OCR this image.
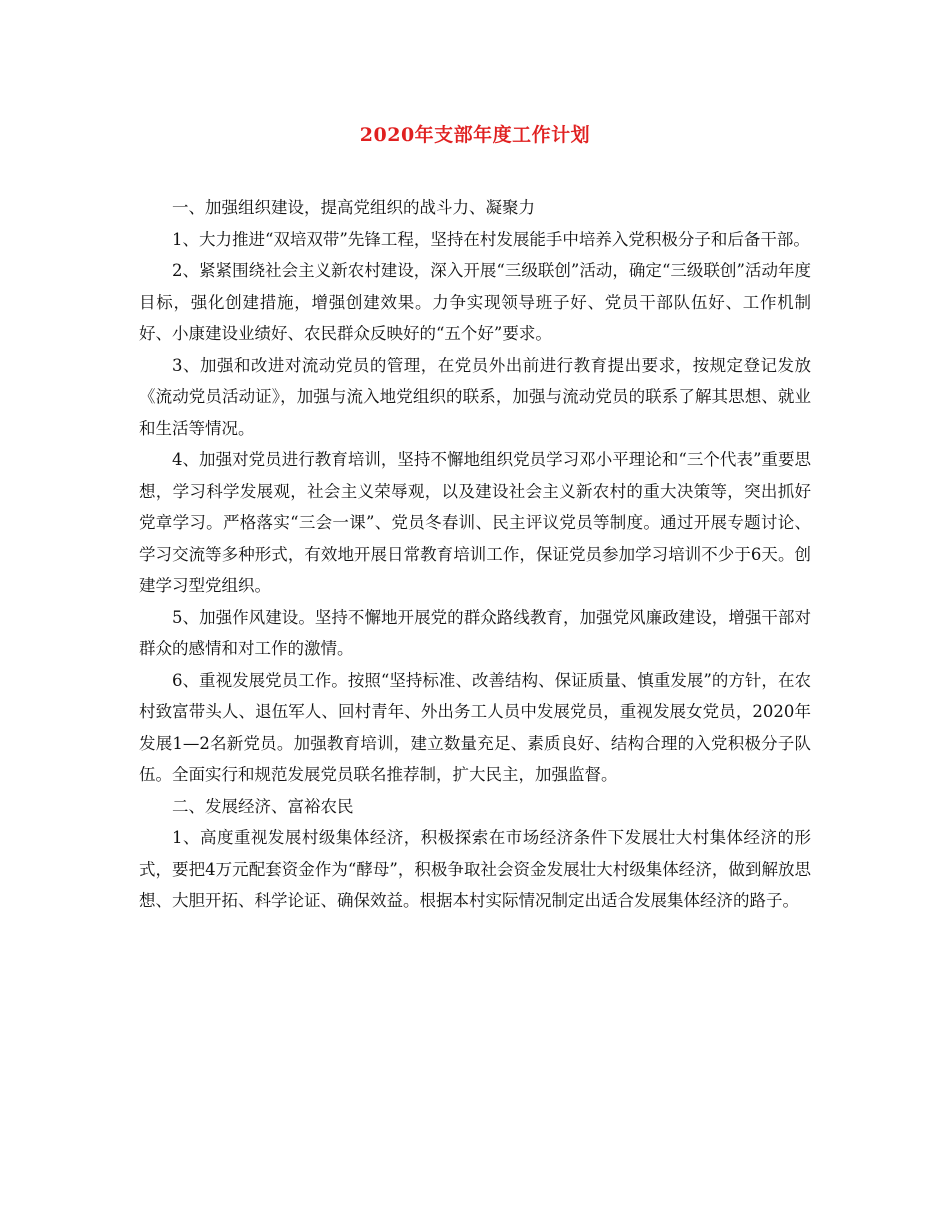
2020年支部年度工作计划

一、加强组织建设，提高党组织的战斗力、凝聚力

1、大力推进“双培双带”先锋工程，坚持在村发展能手中培养入党积极分子和后备干部。

2、紧紧围绕社会主义新农村建设，深入开展“三级联创”活动，确定“三级联创”活动年度目标，强化创建措施，增强创建效果。力争实现领导班子好、党员干部队伍好、工作机制好、小康建设业绩好、农民群众反映好的“五个好”要求。

3、加强和改进对流动党员的管理，在党员外出前进行教育提出要求，按规定登记发放《流动党员活动证》，加强与流入地党组织的联系，加强与流动党员的联系了解其思想、就业和生活等情况。

4、加强对党员进行教育培训，坚持不懈地组织党员学习邓小平理论和“三个代表”重要思想，学习科学发展观，社会主义荣辱观，以及建设社会主义新农村的重大决策等，突出抓好党章学习。严格落实“三会一课”、党员冬春训、民主评议党员等制度。通过开展专题讨论、学习交流等多种形式，有效地开展日常教育培训工作，保证党员参加学习培训不少于6天。创建学习型党组织。

5、加强作风建设。坚持不懈地开展党的群众路线教育，加强党风廉政建设，增强干部对群众的感情和对工作的激情。

6、重视发展党员工作。按照“坚持标准、改善结构、保证质量、慎重发展”的方针，在农村致富带头人、退伍军人、回村青年、外出务工人员中发展党员，重视发展女党员，2020年发展1—2名新党员。加强教育培训，建立数量充足、素质良好、结构合理的入党积极分子队伍。全面实行和规范发展党员联名推荐制，扩大民主，加强监督。

二、发展经济、富裕农民

1、高度重视发展村级集体经济，积极探索在市场经济条件下发展壮大村集体经济的形式，要把4万元配套资金作为“酵母”，积极争取社会资金发展壮大村级集体经济，做到解放思想、大胆开拓、科学论证、确保效益。根据本村实际情况制定出适合发展集体经济的路子。
